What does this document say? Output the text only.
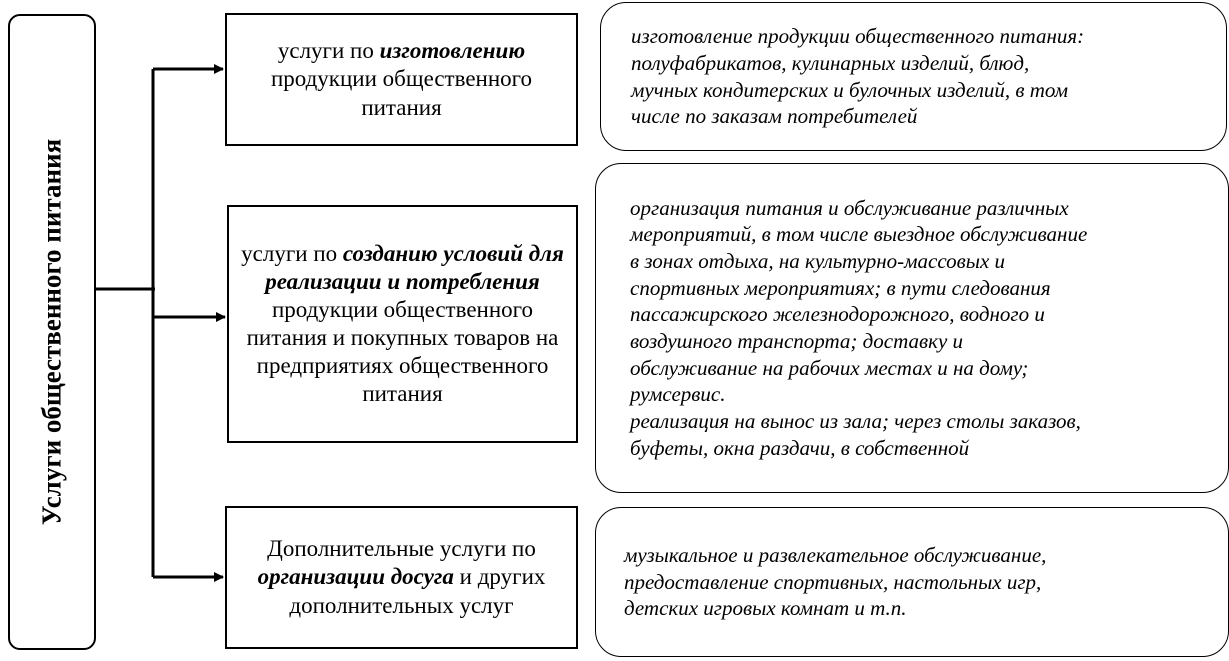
Услуги общественного питания
услуги по изготовлению продукции общественного питания
услуги по созданию условий для реализации и потребления продукции общественного питания и покупных товаров на предприятиях общественного питания
Дополнительные услуги по организации досуга и других дополнительных услуг
изготовление продукции общественного питания:
полуфабрикатов, кулинарных изделий, блюд,
мучных кондитерских и булочных изделий, в том
числе по заказам потребителей
организация питания и обслуживание различных
мероприятий, в том числе выездное обслуживание
в зонах отдыха, на культурно-массовых и
спортивных мероприятиях; в пути следования
пассажирского железнодорожного, водного и
воздушного транспорта; доставку и
обслуживание на рабочих местах и на дому;
румсервис.
реализация на вынос из зала; через столы заказов,
буфеты, окна раздачи, в собственной
музыкальное и развлекательное обслуживание,
предоставление спортивных, настольных игр,
детских игровых комнат и т.п.
